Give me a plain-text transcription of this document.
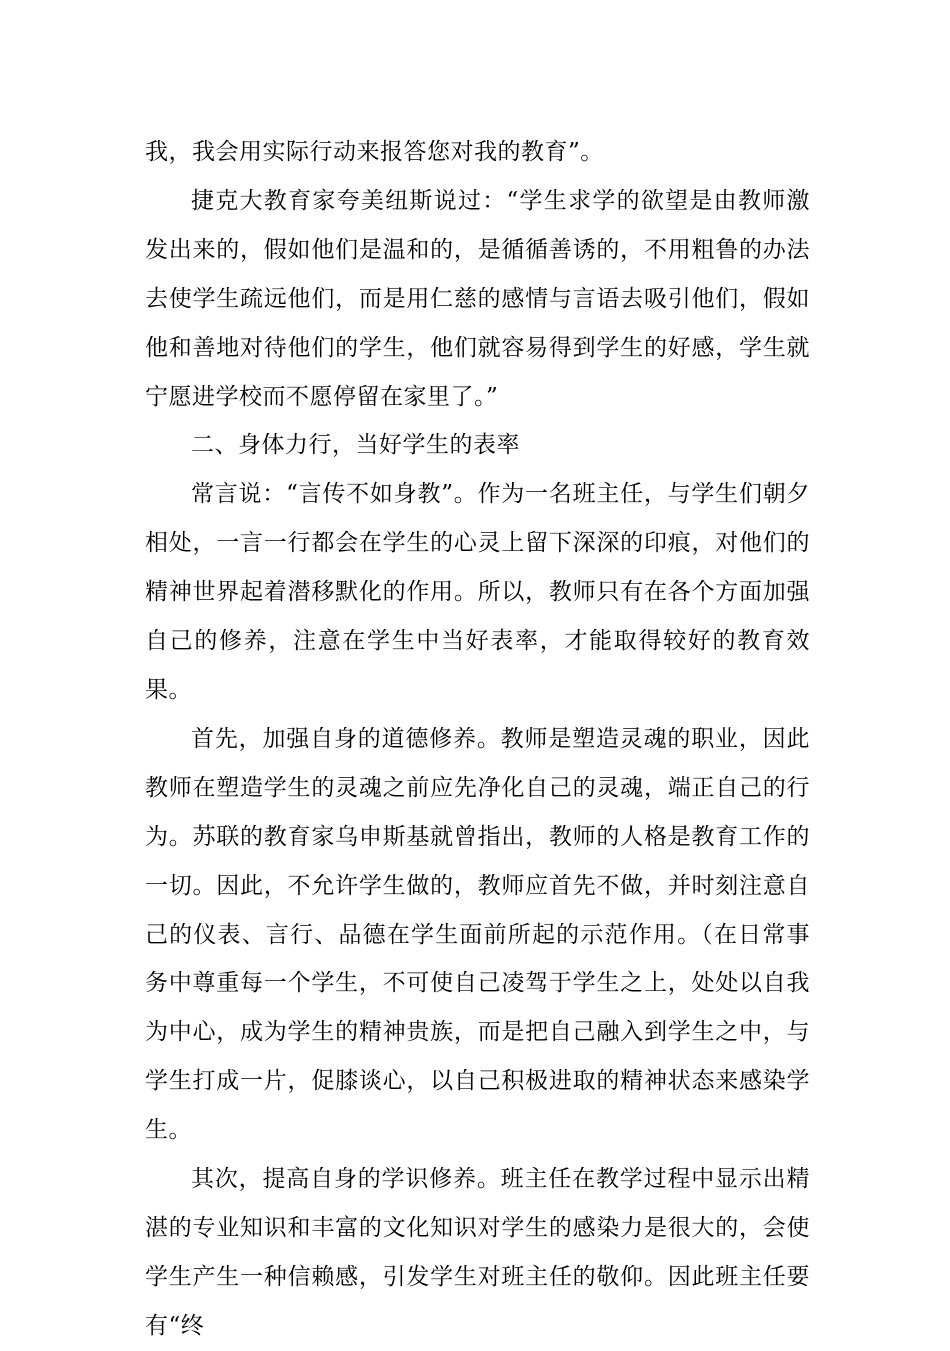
我，我会用实际行动来报答您对我的教育”。

捷克大教育家夸美纽斯说过：“学生求学的欲望是由教师激发出来的，假如他们是温和的，是循循善诱的，不用粗鲁的办法去使学生疏远他们，而是用仁慈的感情与言语去吸引他们，假如他和善地对待他们的学生，他们就容易得到学生的好感，学生就宁愿进学校而不愿停留在家里了。”

二、身体力行，当好学生的表率

常言说：“言传不如身教”。作为一名班主任，与学生们朝夕相处，一言一行都会在学生的心灵上留下深深的印痕，对他们的精神世界起着潜移默化的作用。所以，教师只有在各个方面加强自己的修养，注意在学生中当好表率，才能取得较好的教育效果。

首先，加强自身的道德修养。教师是塑造灵魂的职业，因此教师在塑造学生的灵魂之前应先净化自己的灵魂，端正自己的行为。苏联的教育家乌申斯基就曾指出，教师的人格是教育工作的一切。因此，不允许学生做的，教师应首先不做，并时刻注意自己的仪表、言行、品德在学生面前所起的示范作用。（在日常事务中尊重每一个学生，不可使自己凌驾于学生之上，处处以自我为中心，成为学生的精神贵族，而是把自己融入到学生之中，与学生打成一片，促膝谈心，以自己积极进取的精神状态来感染学生。

其次，提高自身的学识修养。班主任在教学过程中显示出精湛的专业知识和丰富的文化知识对学生的感染力是很大的，会使学生产生一种信赖感，引发学生对班主任的敬仰。因此班主任要有“终
